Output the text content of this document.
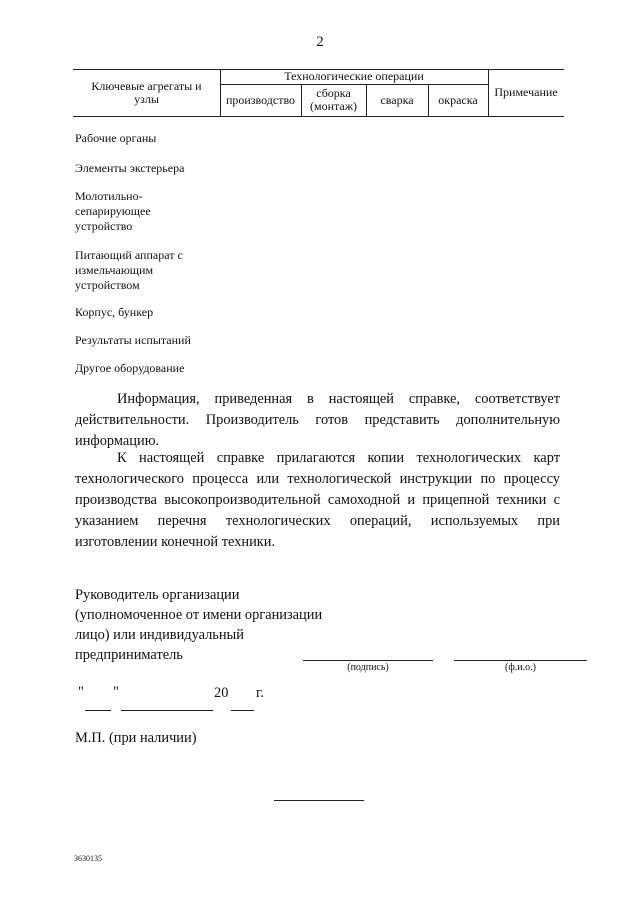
2
Ключевые агрегаты и узлы
Технологические операции
производство	сборка (монтаж)	сварка	окраска
Примечание
Рабочие органы
Элементы экстерьера
Молотильно- сепарирующее устройство
Питающий аппарат с измельчающим устройством
Корпус, бункер
Результаты испытаний
Другое оборудование

Информация, приведенная в настоящей справке, соответствует действительности. Производитель готов представить дополнительную информацию.

К настоящей справке прилагаются копии технологических карт технологического процесса или технологической инструкции по процессу производства высокопроизводительной самоходной и прицепной техники с указанием перечня технологических операций, используемых при изготовлении конечной техники.

Руководитель организации (уполномоченное от имени организации лицо) или индивидуальный предприниматель
(подпись)	(ф.и.о.)
" "	20 г.
М.П. (при наличии)
3630135
